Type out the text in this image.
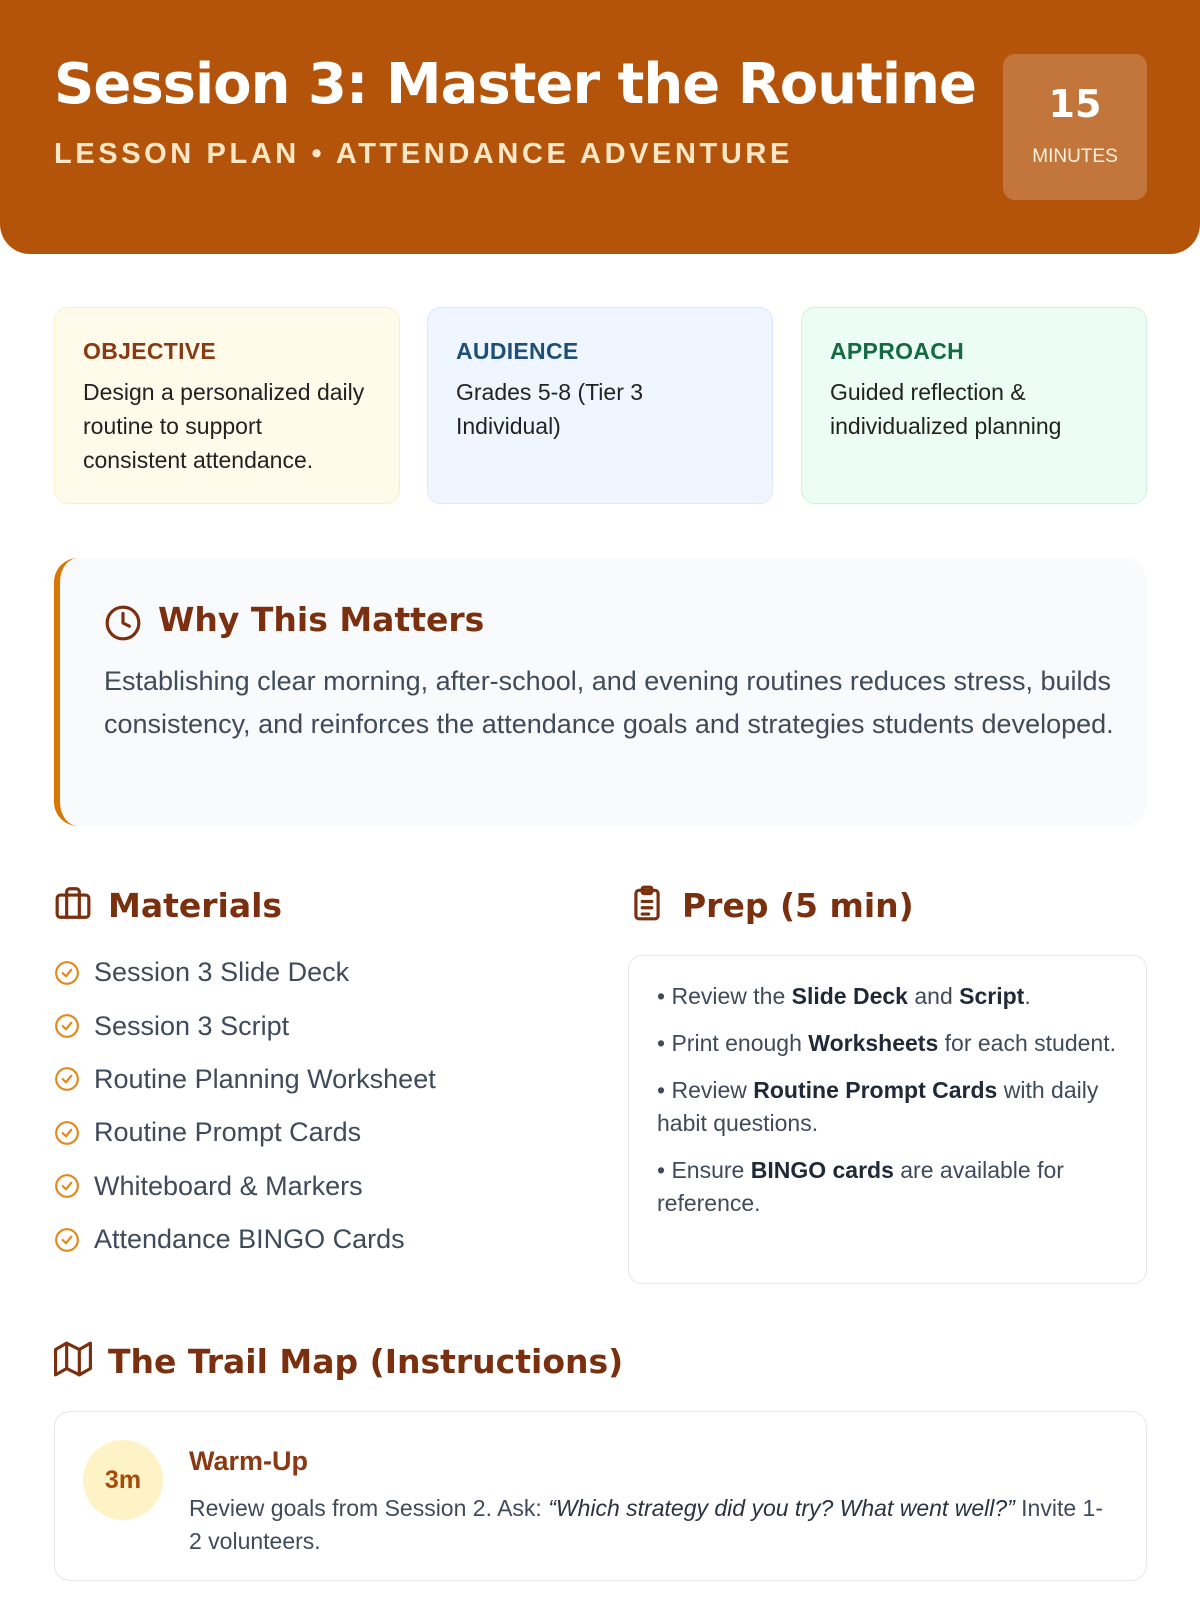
Session 3: Master the Routine
LESSON PLAN • ATTENDANCE ADVENTURE
15
MINUTES
OBJECTIVE
Design a personalized daily routine to support consistent attendance.
AUDIENCE
Grades 5-8 (Tier 3 Individual)
APPROACH
Guided reflection & individualized planning
Why This Matters

Establishing clear morning, after-school, and evening routines reduces stress, builds consistency, and reinforces the attendance goals and strategies students developed.

Materials
Session 3 Slide Deck
Session 3 Script
Routine Planning Worksheet
Routine Prompt Cards
Whiteboard & Markers
Attendance BINGO Cards
Prep (5 min)
• Review the Slide Deck and Script.
• Print enough Worksheets for each student.
• Review Routine Prompt Cards with daily habit questions.
• Ensure BINGO cards are available for reference.
The Trail Map (Instructions)
3m
Warm-Up
Review goals from Session 2. Ask: “Which strategy did you try? What went well?” Invite 1-2 volunteers.
